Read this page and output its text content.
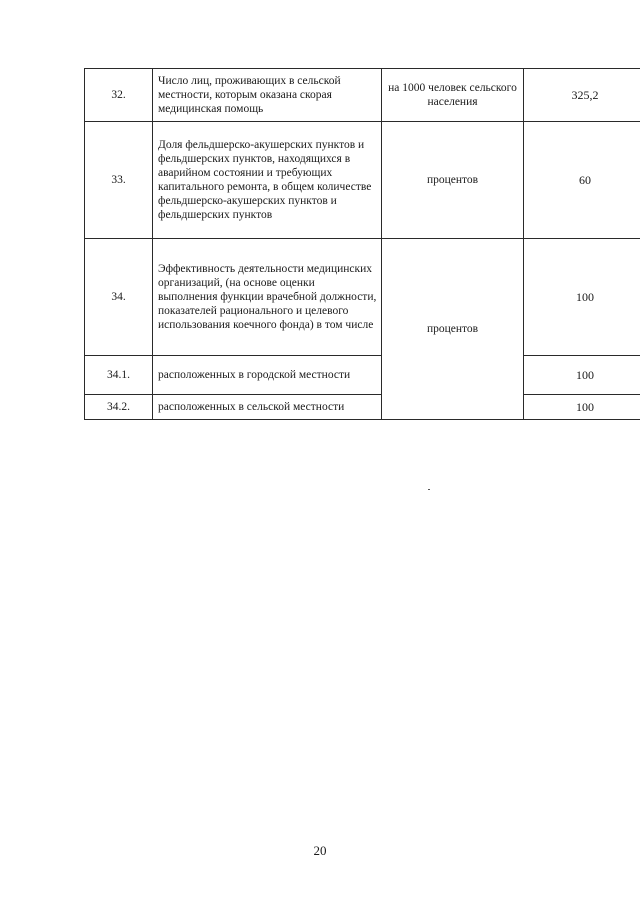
32.	Число лиц, проживающих в сельской местности, которым оказана скорая медицинская помощь	на 1000 человек сельского населения	325,2
33.	Доля фельдшерско-акушерских пунктов и фельдшерских пунктов, находящихся в аварийном состоянии и требующих капитального ремонта, в общем количестве фельдшерско-акушерских пунктов и фельдшерских пунктов	процентов	60
34.	Эффективность деятельности медицинских организаций, (на основе оценки выполнения функции врачебной должности, показателей рационального и целевого использования коечного фонда) в том числе	процентов	100
34.1.	расположенных в городской местности		100
34.2.	расположенных в сельской местности		100
20
